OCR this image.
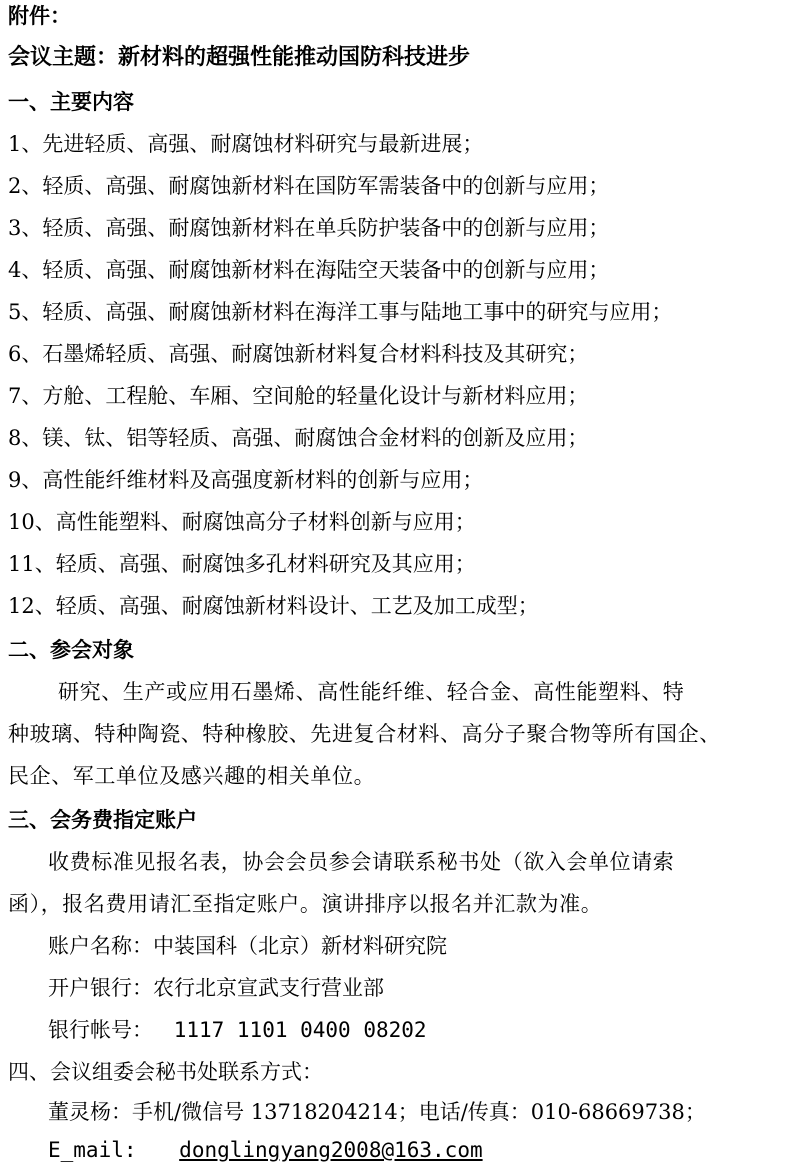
附件：
会议主题：新材料的超强性能推动国防科技进步
一、主要内容
1、先进轻质、高强、耐腐蚀材料研究与最新进展；
2、轻质、高强、耐腐蚀新材料在国防军需装备中的创新与应用；
3、轻质、高强、耐腐蚀新材料在单兵防护装备中的创新与应用；
4、轻质、高强、耐腐蚀新材料在海陆空天装备中的创新与应用；
5、轻质、高强、耐腐蚀新材料在海洋工事与陆地工事中的研究与应用；
6、石墨烯轻质、高强、耐腐蚀新材料复合材料科技及其研究；
7、方舱、工程舱、车厢、空间舱的轻量化设计与新材料应用；
8、镁、钛、铝等轻质、高强、耐腐蚀合金材料的创新及应用；
9、高性能纤维材料及高强度新材料的创新与应用；
10、高性能塑料、耐腐蚀高分子材料创新与应用；
11、轻质、高强、耐腐蚀多孔材料研究及其应用；
12、轻质、高强、耐腐蚀新材料设计、工艺及加工成型；
二、参会对象
研究、生产或应用石墨烯、高性能纤维、轻合金、高性能塑料、特
种玻璃、特种陶瓷、特种橡胶、先进复合材料、高分子聚合物等所有国企、
民企、军工单位及感兴趣的相关单位。
三、会务费指定账户
收费标准见报名表，协会会员参会请联系秘书处（欲入会单位请索
函），报名费用请汇至指定账户。演讲排序以报名并汇款为准。
账户名称：中装国科（北京）新材料研究院
开户银行：农行北京宣武支行营业部
银行帐号： 1117 1101 0400 08202
四、会议组委会秘书处联系方式：
董灵杨：手机/微信号 13718204214；电话/传真：010-68669738；
E_mail: donglingyang2008@163.com
